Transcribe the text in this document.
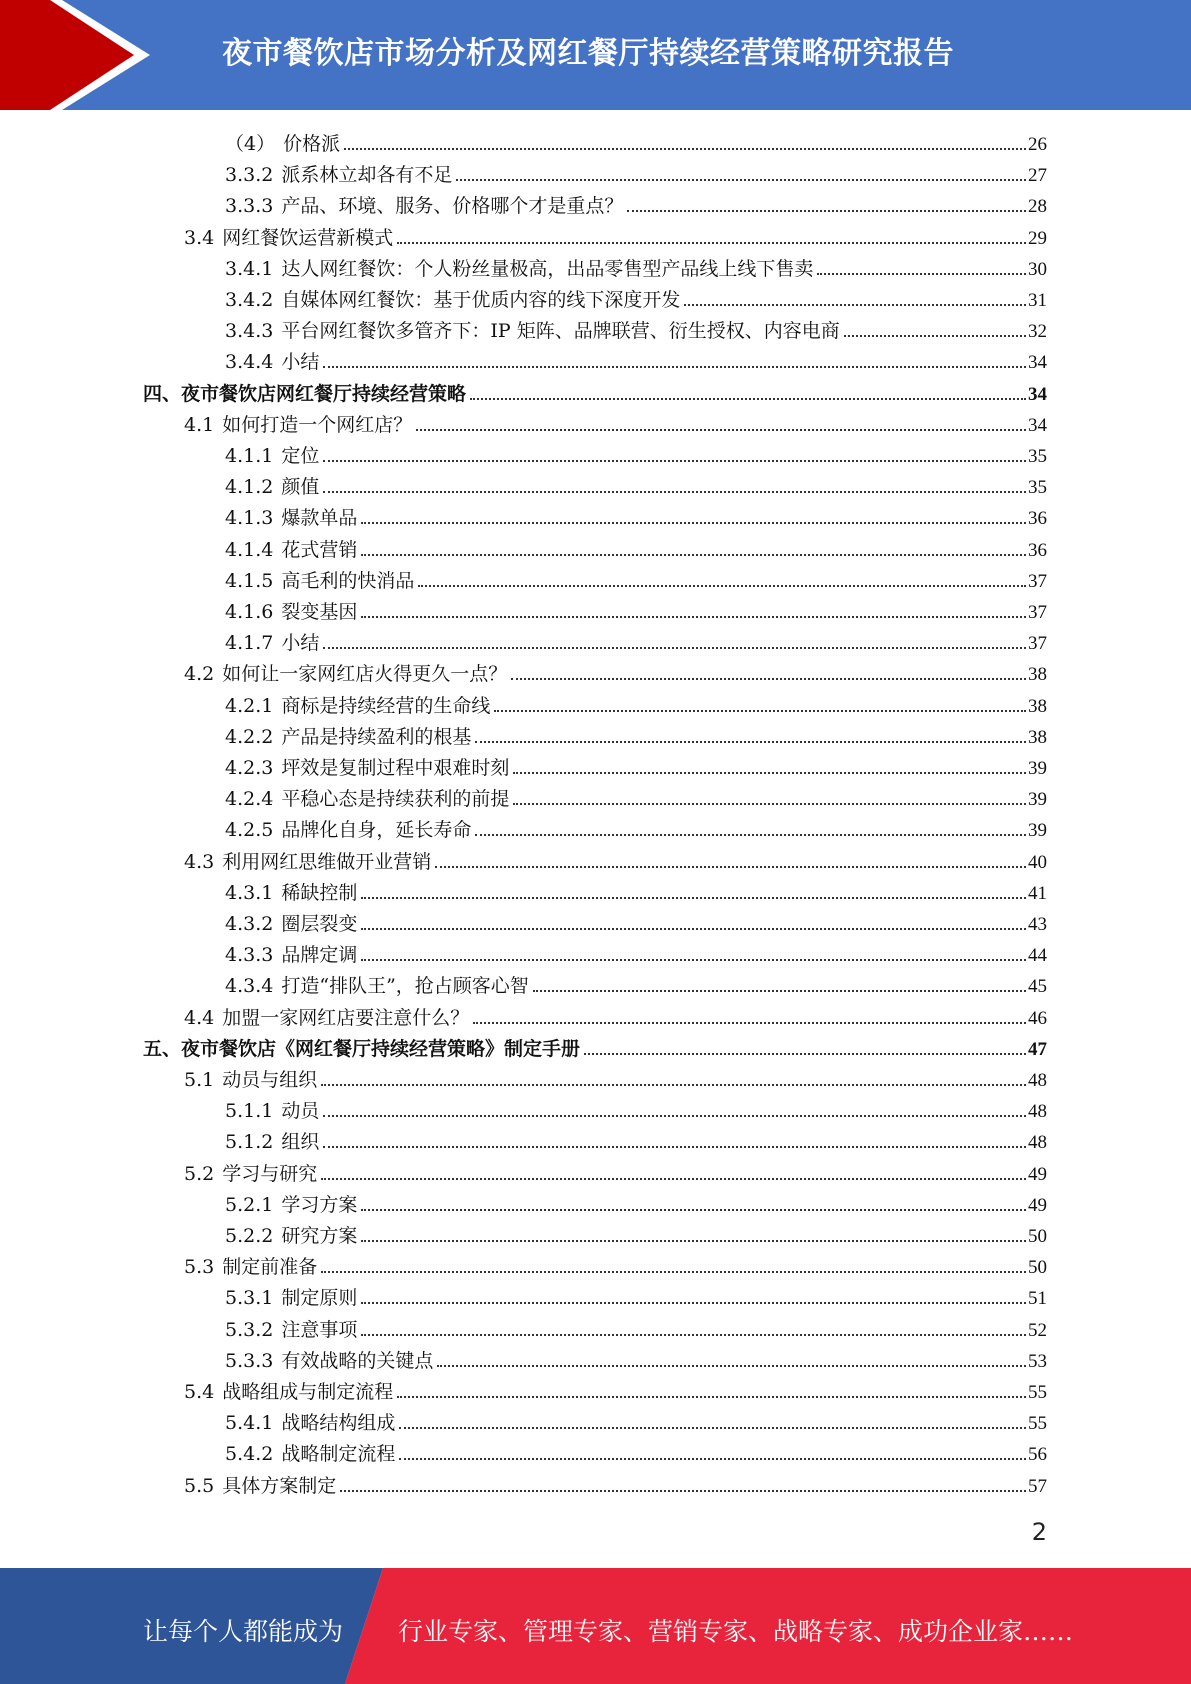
夜市餐饮店市场分析及网红餐厅持续经营策略研究报告
（4） 价格派	26
3.3.2 派系林立却各有不足	27
3.3.3 产品、环境、服务、价格哪个才是重点？	28
3.4 网红餐饮运营新模式	29
3.4.1 达人网红餐饮：个人粉丝量极高，出品零售型产品线上线下售卖	30
3.4.2 自媒体网红餐饮：基于优质内容的线下深度开发	31
3.4.3 平台网红餐饮多管齐下：IP 矩阵、品牌联营、衍生授权、内容电商	32
3.4.4 小结	34
四、夜市餐饮店网红餐厅持续经营策略	34
4.1 如何打造一个网红店？	34
4.1.1 定位	35
4.1.2 颜值	35
4.1.3 爆款单品	36
4.1.4 花式营销	36
4.1.5 高毛利的快消品	37
4.1.6 裂变基因	37
4.1.7 小结	37
4.2 如何让一家网红店火得更久一点？	38
4.2.1 商标是持续经营的生命线	38
4.2.2 产品是持续盈利的根基	38
4.2.3 坪效是复制过程中艰难时刻	39
4.2.4 平稳心态是持续获利的前提	39
4.2.5 品牌化自身，延长寿命	39
4.3 利用网红思维做开业营销	40
4.3.1 稀缺控制	41
4.3.2 圈层裂变	43
4.3.3 品牌定调	44
4.3.4 打造“排队王”，抢占顾客心智	45
4.4 加盟一家网红店要注意什么？	46
五、夜市餐饮店《网红餐厅持续经营策略》制定手册	47
5.1 动员与组织	48
5.1.1 动员	48
5.1.2 组织	48
5.2 学习与研究	49
5.2.1 学习方案	49
5.2.2 研究方案	50
5.3 制定前准备	50
5.3.1 制定原则	51
5.3.2 注意事项	52
5.3.3 有效战略的关键点	53
5.4 战略组成与制定流程	55
5.4.1 战略结构组成	55
5.4.2 战略制定流程	56
5.5 具体方案制定	57
2
让每个人都能成为 行业专家、管理专家、营销专家、战略专家、成功企业家……
